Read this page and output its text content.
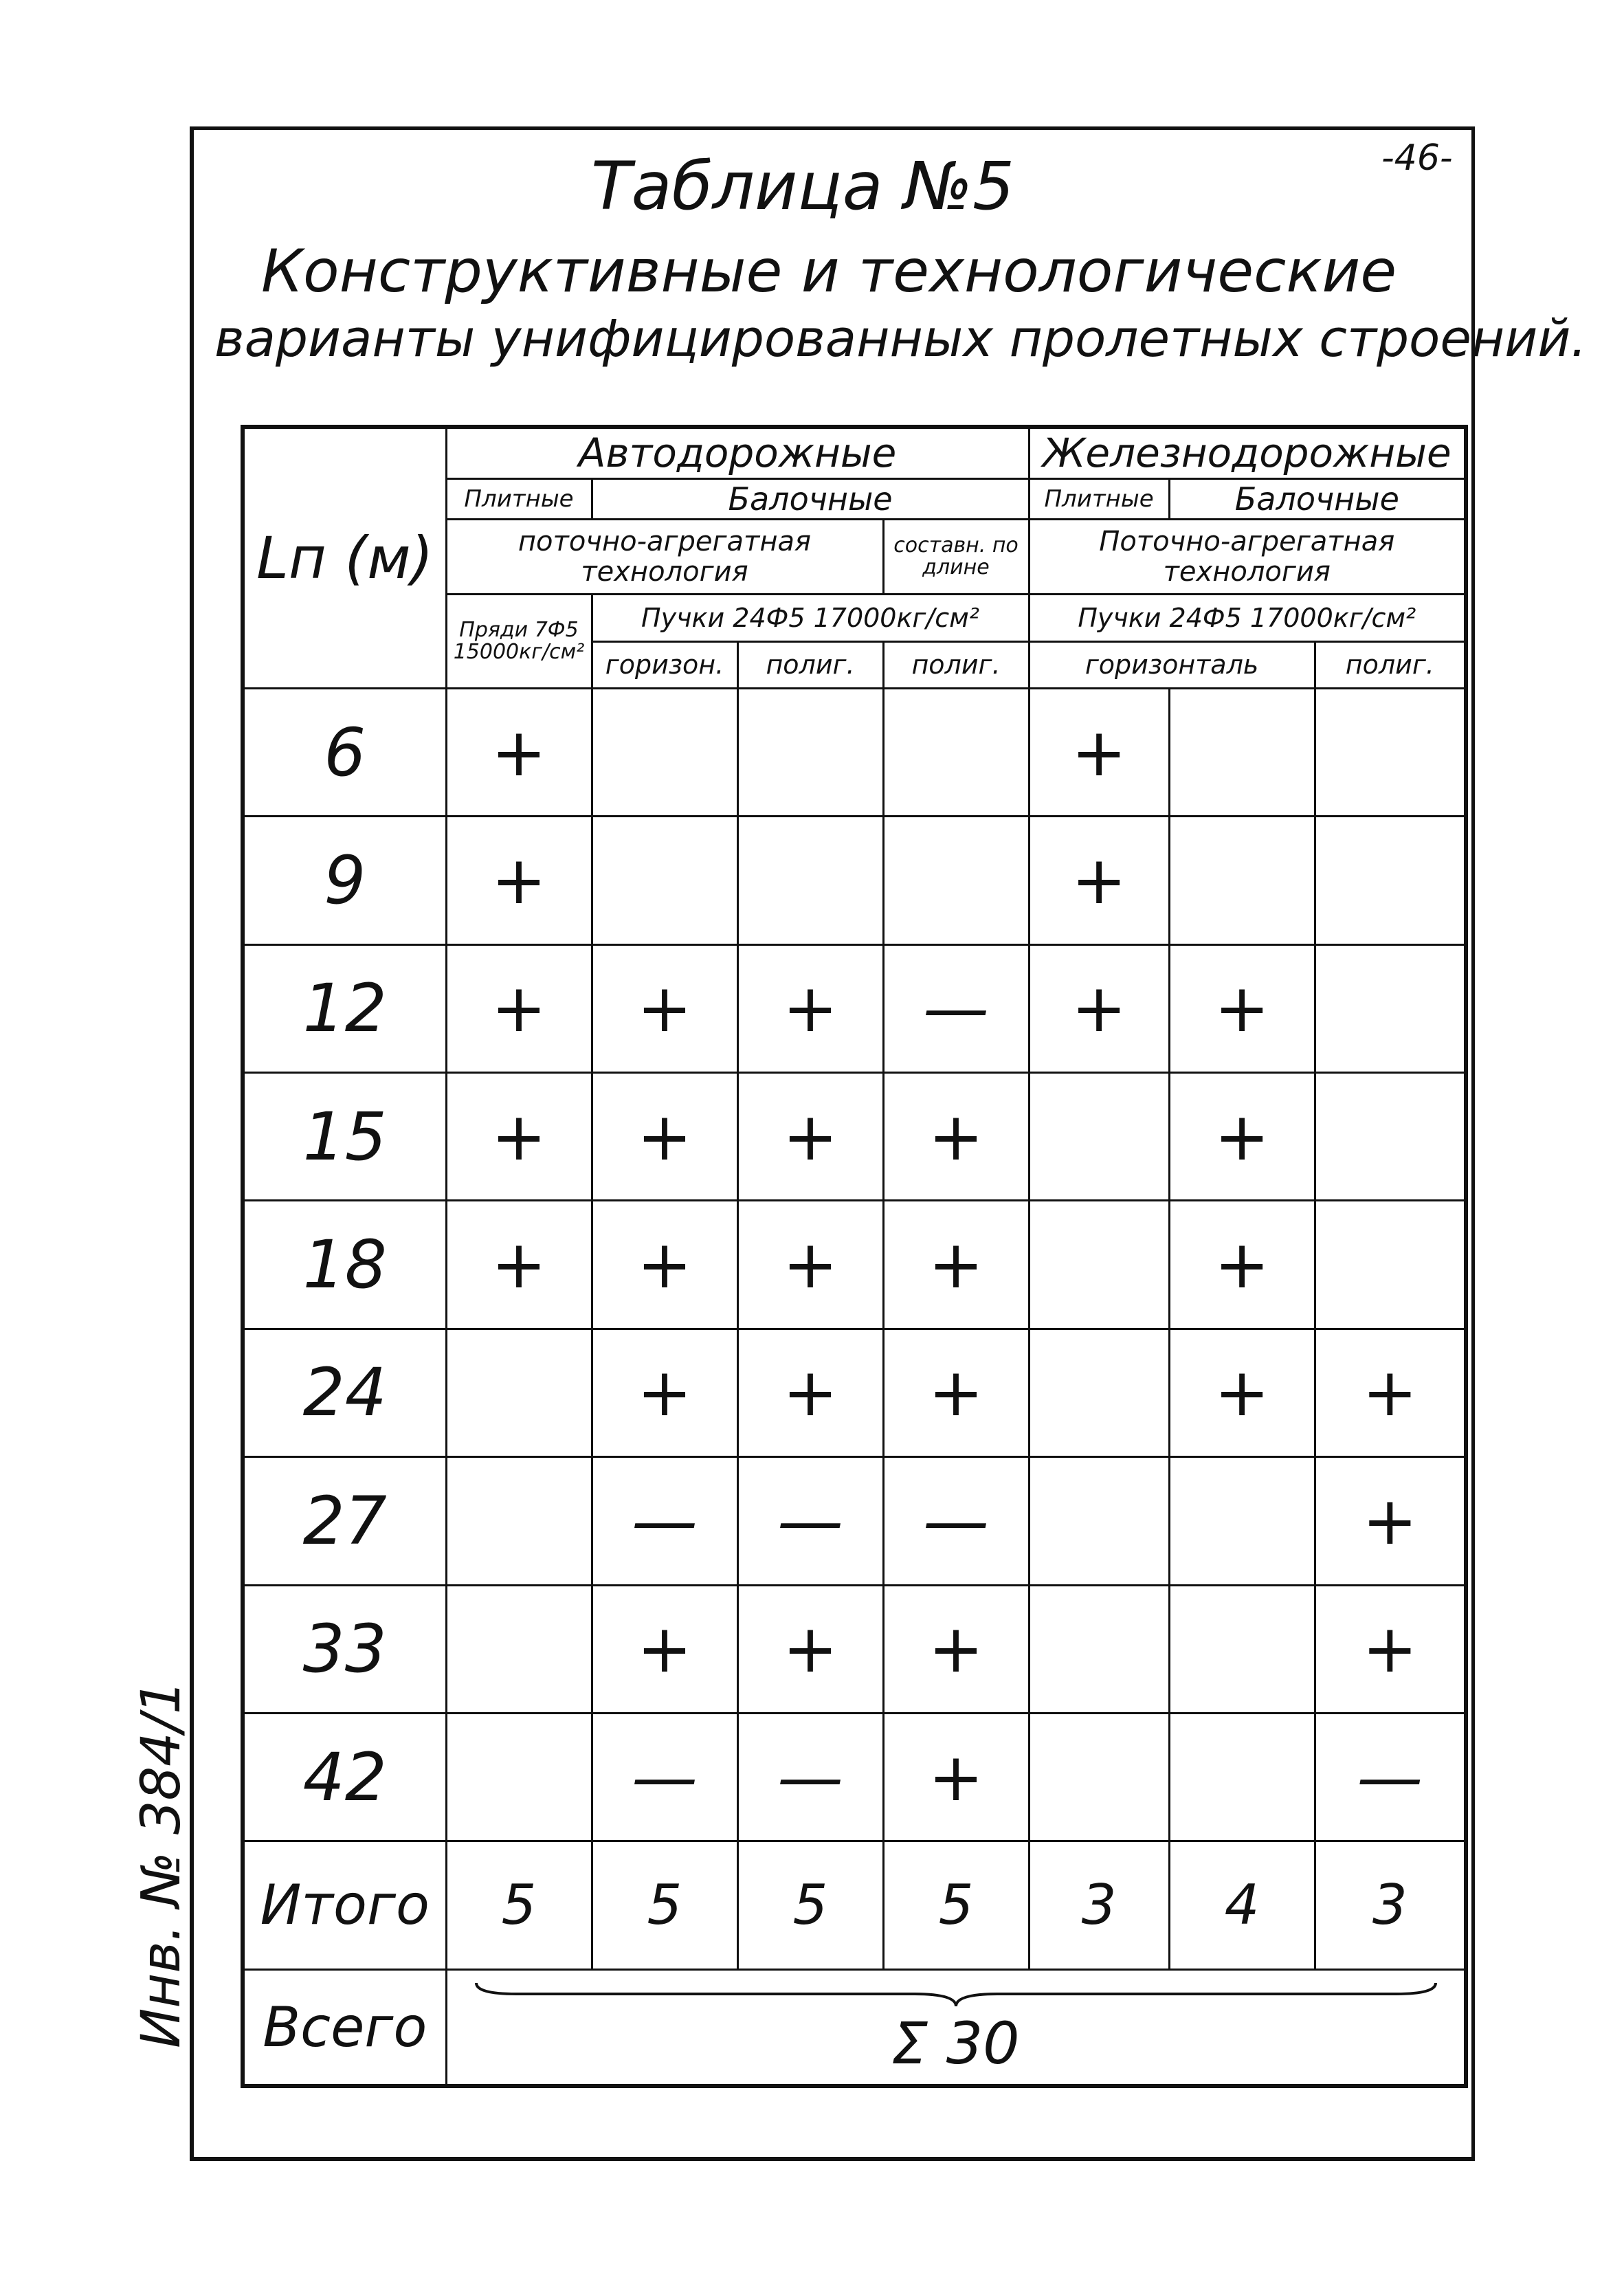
Таблица №5	-46-
Конструктивные и технологические
варианты унифицированных пролетных строений.
Инв. № 384/1
Lп (м)	Автодорожные				Железнодорожные		
	Плитные	Балочные			Плитные	Балочные	
	поточно-агрегатная технология			составн. по длине	Поточно-агрегатная технология		
	Пряди 7Ф5 15000кг/см²	Пучки 24Ф5 17000кг/см²			Пучки 24Ф5 17000кг/см²		
		горизон.	полиг.	полиг.	горизонталь		полиг.
6	+				+		
9	+				+		
12	+	+	+	—	+	+	
15	+	+	+	+		+	
18	+	+	+	+		+	
24		+	+	+		+	+
27		—	—	—			+
33		+	+	+			+
42		—	—	+			—
Итого	5	5	5	5	3	4	3
Всего	Σ 30						
